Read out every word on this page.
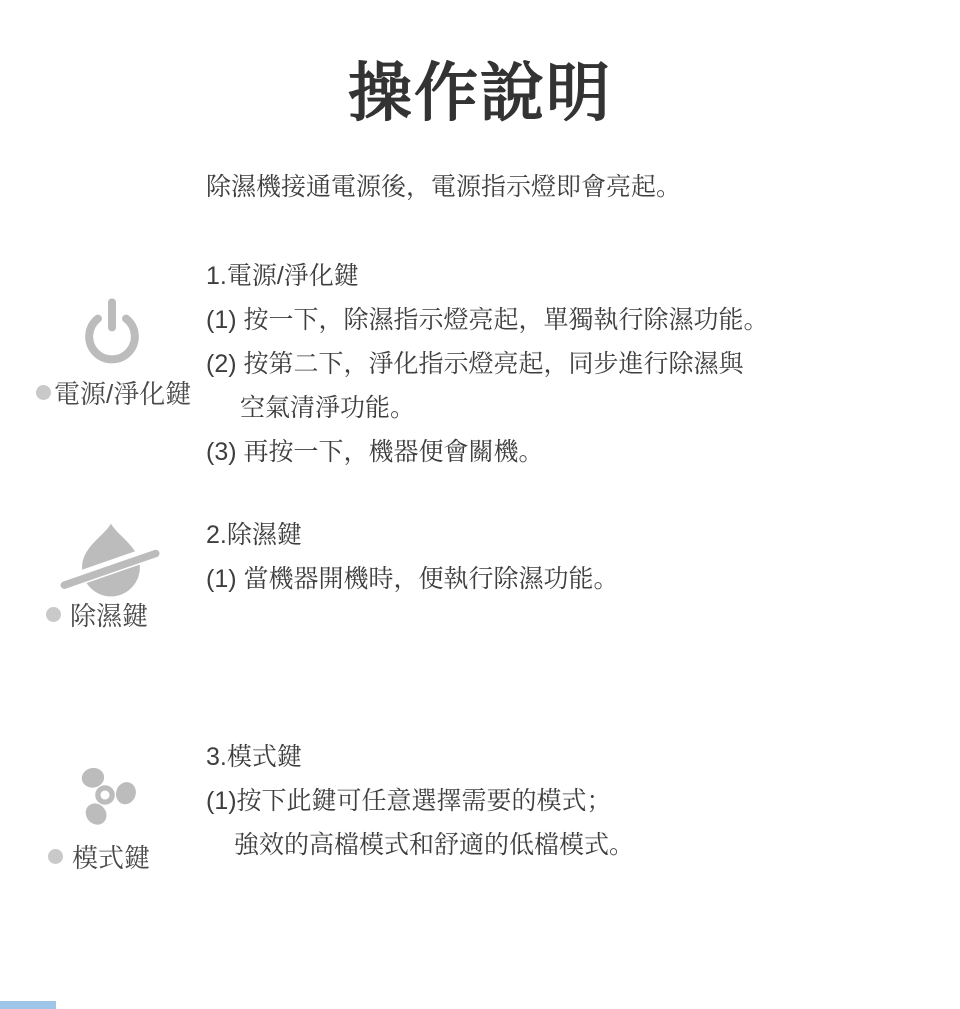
操作說明
除濕機接通電源後，電源指示燈即會亮起。
電源/淨化鍵
1.電源/淨化鍵
(1) 按一下，除濕指示燈亮起，單獨執行除濕功能。
(2) 按第二下，淨化指示燈亮起，同步進行除濕與
空氣清淨功能。
(3) 再按一下，機器便會關機。
除濕鍵
2.除濕鍵
(1) 當機器開機時，便執行除濕功能。
模式鍵
3.模式鍵
(1)按下此鍵可任意選擇需要的模式；
強效的高檔模式和舒適的低檔模式。
